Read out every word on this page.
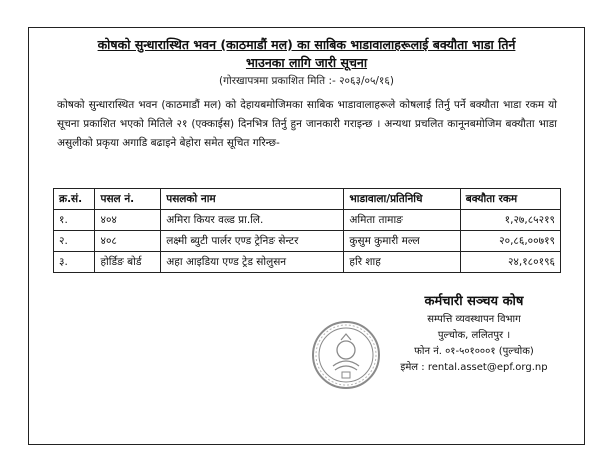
कोषको सुन्धारास्थित भवन (काठमाडौं मल) का साबिक भाडावालाहरूलाई बक्यौता भाडा तिर्न
भाउनका लागि जारी सूचना
(गोरखापत्रमा प्रकाशित मिति :- २०६३/०५/१६)
कोषको सुन्धारास्थित भवन (काठमाडौं मल) को देहायबमोजिमका साबिक भाडावालाहरूले कोषलाई तिर्नु पर्ने बक्यौता भाडा रकम यो सूचना प्रकाशित भएको मितिले २१ (एक्काईस) दिनभित्र तिर्नु हुन जानकारी गराइन्छ । अन्यथा प्रचलित कानूनबमोजिम बक्यौता भाडा असुलीको प्रकृया अगाडि बढाइने बेहोरा समेत सूचित गरिन्छ-
क्र.सं.	पसल नं.	पसलको नाम	भाडावाला/प्रतिनिधि	बक्यौता रकम
१.	४०४	अमिरा कियर वल्र्ड प्रा.लि.	अमिता तामाङ	१,२७,८५२१९
२.	४०८	लक्ष्मी ब्युटी पार्लर एण्ड ट्रेनिङ सेन्टर	कुसुम कुमारी मल्ल	२०,८६,००७१९
३.	होर्डिङ बोर्ड	अहा आइडिया एण्ड ट्रेड सोलुसन	हरि शाह	२४,१८०१९६
कर्मचारी सञ्चय कोष
सम्पत्ति व्यवस्थापन विभाग
पुल्चोक, ललितपुर ।
फोन नं. ०१-५०१०००१ (पुल्चोक)
इमेल : rental.asset@epf.org.np
